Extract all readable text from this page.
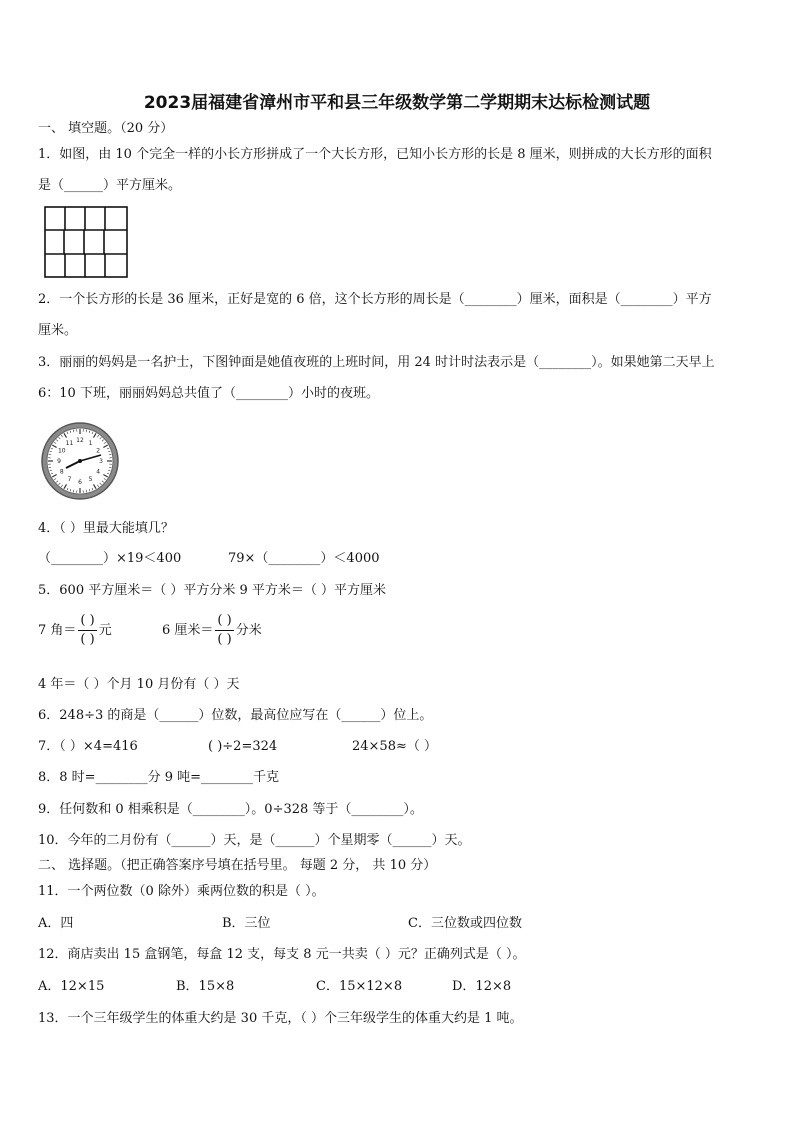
2023届福建省漳州市平和县三年级数学第二学期期末达标检测试题
一、 填空题。（20 分）
1．如图，由 10 个完全一样的小长方形拼成了一个大长方形，已知小长方形的长是 8 厘米，则拼成的大长方形的面积
是（______）平方厘米。
2．一个长方形的长是 36 厘米，正好是宽的 6 倍，这个长方形的周长是（________）厘米，面积是（________）平方
厘米。
3．丽丽的妈妈是一名护士，下图钟面是她值夜班的上班时间，用 24 时计时法表示是（________）。如果她第二天早上
6：10 下班，丽丽妈妈总共值了（________）小时的夜班。
12 1
2
3
4
5
6
7
8
9
10
11
4．（ ）里最大能填几？
（________）×19＜400	79×（________）＜4000
5．600 平方厘米＝（ ）平方分米 9 平方米＝（ ）平方厘米
7 角＝ $\frac{( )}{( )}$ 元	6 厘米＝ $\frac{( )}{( )}$ 分米
4 年＝（ ）个月 10 月份有（ ）天
6．248÷3 的商是（______）位数，最高位应写在（______）位上。
7．（ ）×4=416	( )÷2=324	24×58≈（ ）
8．8 时=________分 9 吨=________千克
9．任何数和 0 相乘积是（________）。0÷328 等于（________）。
10．今年的二月份有（______）天，是（______）个星期零（______）天。
二、 选择题。（把正确答案序号填在括号里。 每题 2 分， 共 10 分）
11．一个两位数（0 除外）乘两位数的积是（ ）。
A．四	B．三位	C．三位数或四位数
12．商店卖出 15 盒钢笔，每盒 12 支，每支 8 元一共卖（ ）元？正确列式是（ ）。
A．12×15	B．15×8	C．15×12×8	D．12×8
13．一个三年级学生的体重大约是 30 千克，（ ）个三年级学生的体重大约是 1 吨。
